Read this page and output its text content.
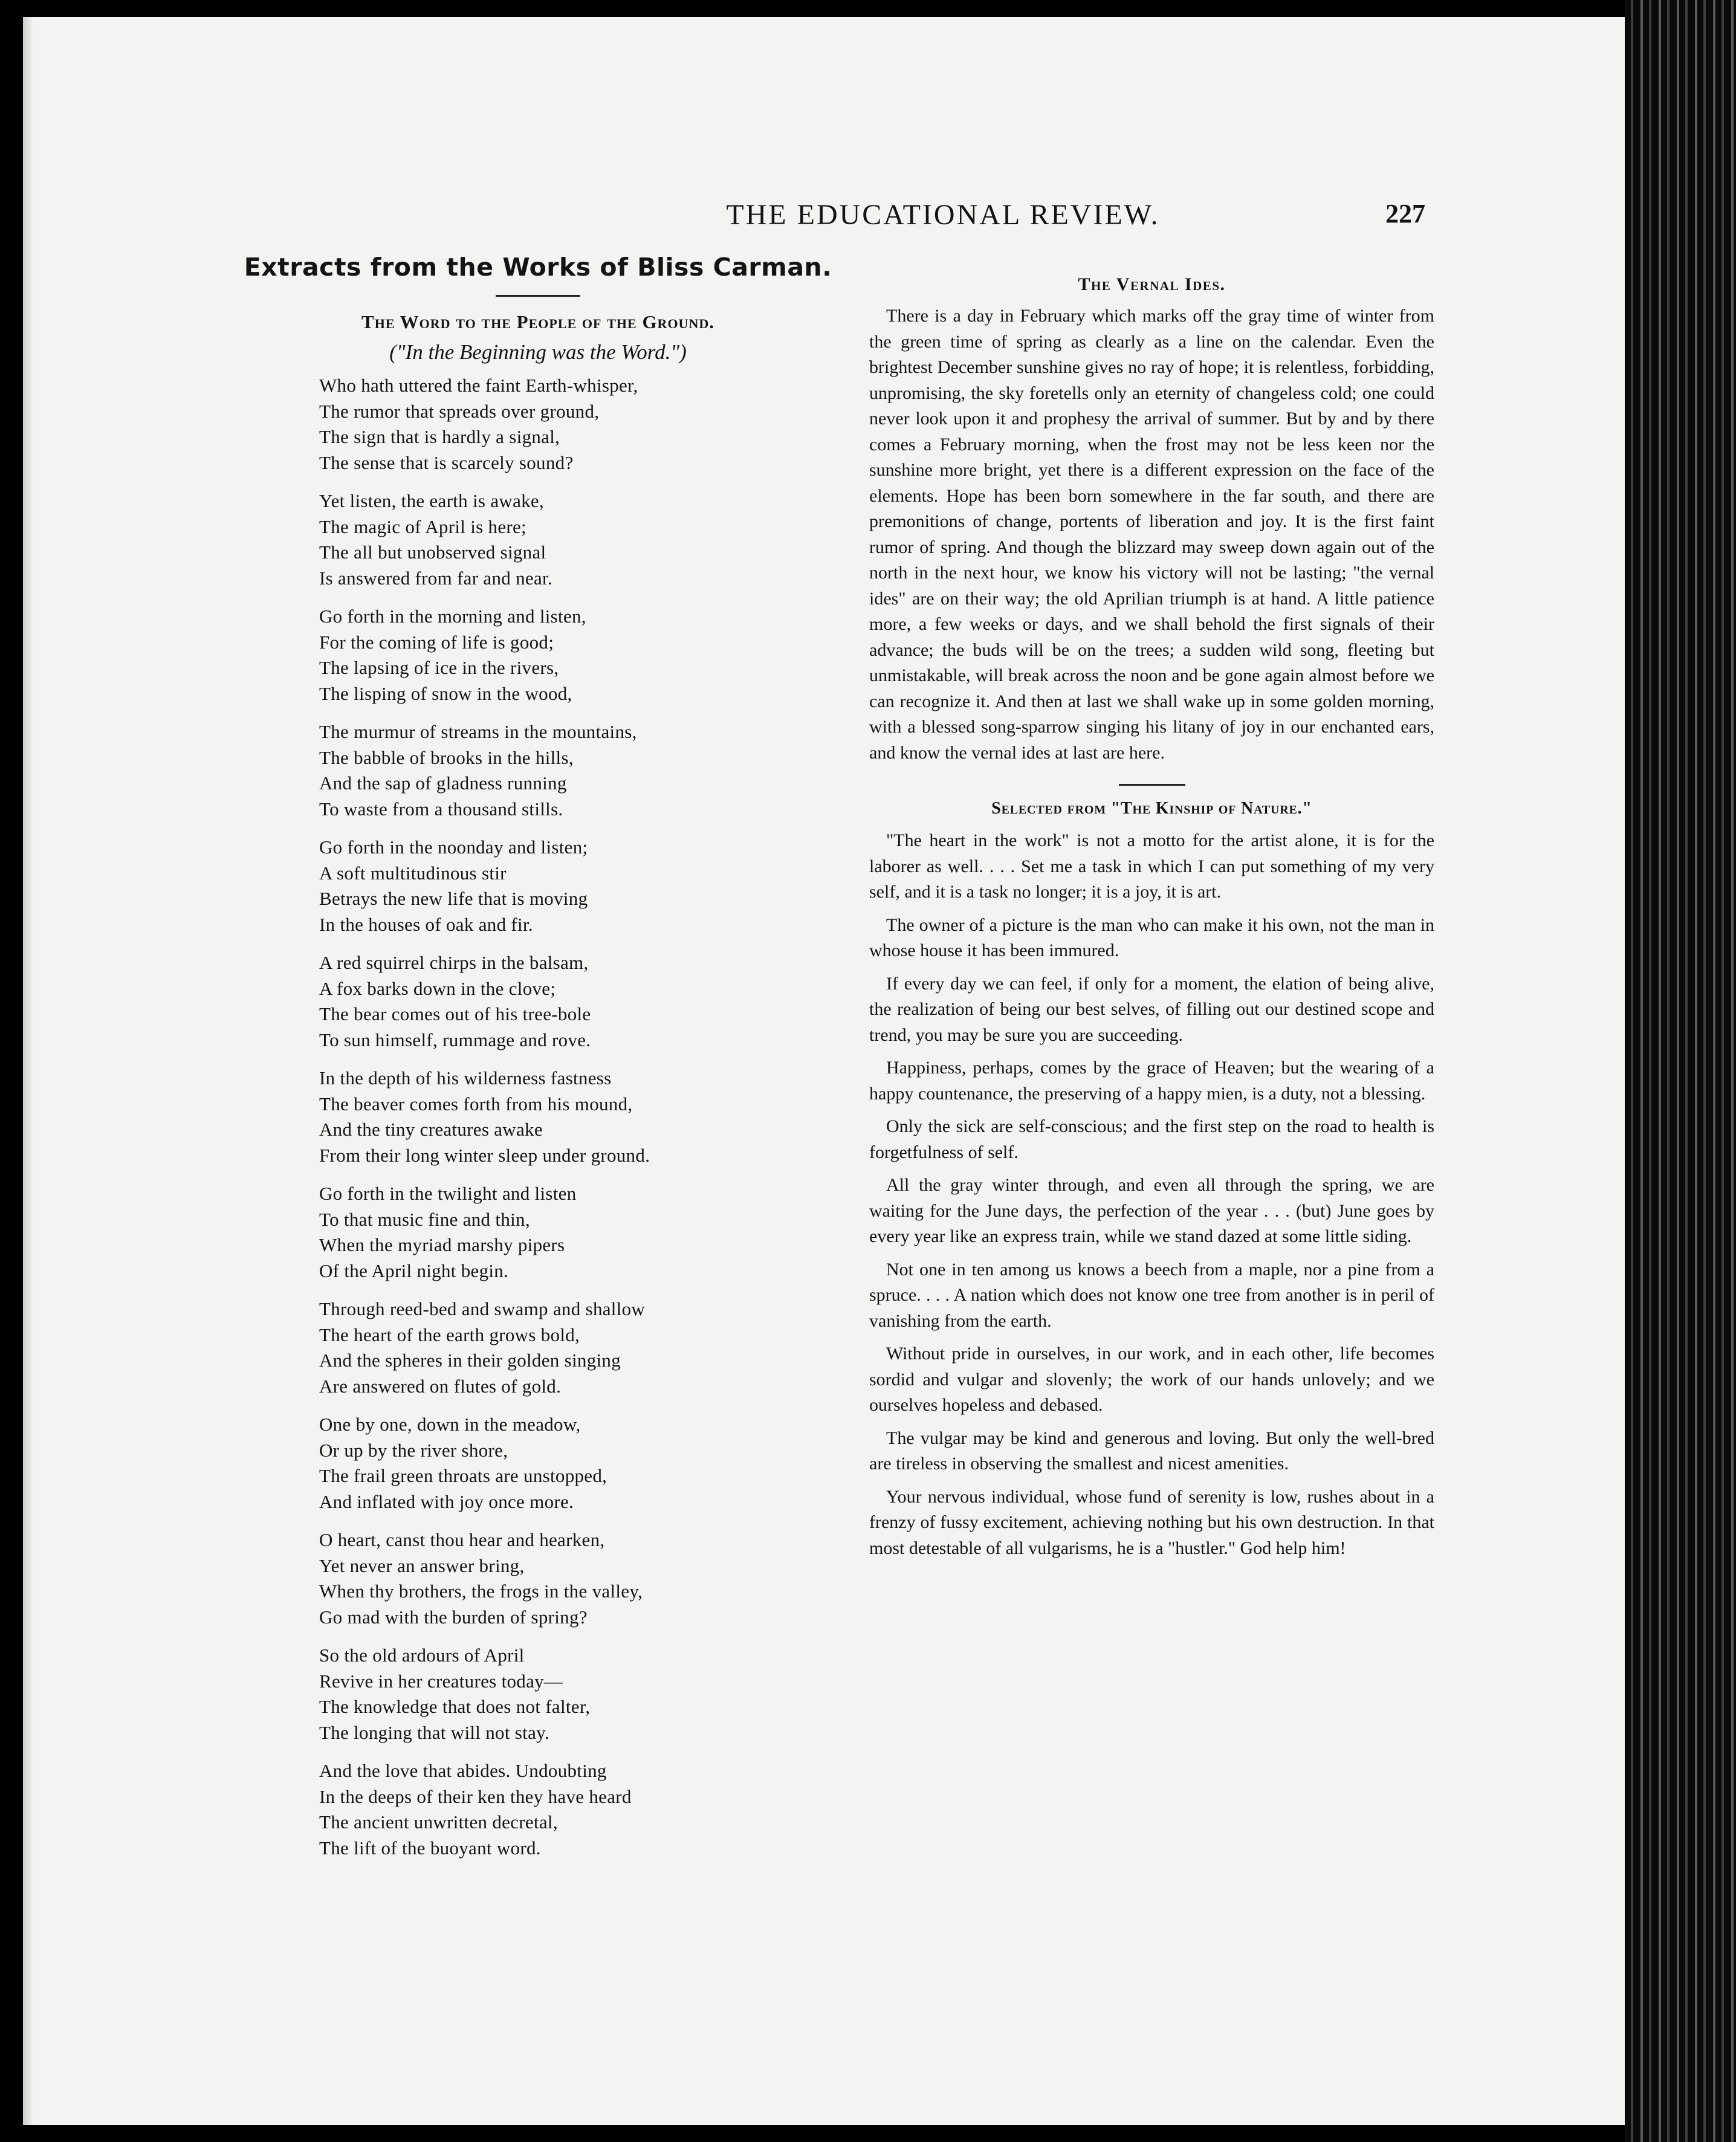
THE EDUCATIONAL REVIEW.	227
Extracts from the Works of Bliss Carman.
The Word to the People of the Ground.
("In the Beginning was the Word.")
Who hath uttered the faint Earth-whisper,
The rumor that spreads over ground,
The sign that is hardly a signal,
The sense that is scarcely sound?
Yet listen, the earth is awake,
The magic of April is here;
The all but unobserved signal
Is answered from far and near.
Go forth in the morning and listen,
For the coming of life is good;
The lapsing of ice in the rivers,
The lisping of snow in the wood,
The murmur of streams in the mountains,
The babble of brooks in the hills,
And the sap of gladness running
To waste from a thousand stills.
Go forth in the noonday and listen;
A soft multitudinous stir
Betrays the new life that is moving
In the houses of oak and fir.
A red squirrel chirps in the balsam,
A fox barks down in the clove;
The bear comes out of his tree-bole
To sun himself, rummage and rove.
In the depth of his wilderness fastness
The beaver comes forth from his mound,
And the tiny creatures awake
From their long winter sleep under ground.
Go forth in the twilight and listen
To that music fine and thin,
When the myriad marshy pipers
Of the April night begin.
Through reed-bed and swamp and shallow
The heart of the earth grows bold,
And the spheres in their golden singing
Are answered on flutes of gold.
One by one, down in the meadow,
Or up by the river shore,
The frail green throats are unstopped,
And inflated with joy once more.
O heart, canst thou hear and hearken,
Yet never an answer bring,
When thy brothers, the frogs in the valley,
Go mad with the burden of spring?
So the old ardours of April
Revive in her creatures today—
The knowledge that does not falter,
The longing that will not stay.
And the love that abides. Undoubting
In the deeps of their ken they have heard
The ancient unwritten decretal,
The lift of the buoyant word.
The Vernal Ides.

There is a day in February which marks off the gray time of winter from the green time of spring as clearly as a line on the calendar. Even the brightest December sunshine gives no ray of hope; it is relentless, forbidding, unpromising, the sky foretells only an eternity of changeless cold; one could never look upon it and prophesy the arrival of summer. But by and by there comes a February morning, when the frost may not be less keen nor the sunshine more bright, yet there is a different expression on the face of the elements. Hope has been born somewhere in the far south, and there are premonitions of change, portents of liberation and joy. It is the first faint rumor of spring. And though the blizzard may sweep down again out of the north in the next hour, we know his victory will not be lasting; "the vernal ides" are on their way; the old Aprilian triumph is at hand. A little patience more, a few weeks or days, and we shall behold the first signals of their advance; the buds will be on the trees; a sudden wild song, fleeting but unmistakable, will break across the noon and be gone again almost before we can recognize it. And then at last we shall wake up in some golden morning, with a blessed song-sparrow singing his litany of joy in our enchanted ears, and know the vernal ides at last are here.

Selected from "The Kinship of Nature."

"The heart in the work" is not a motto for the artist alone, it is for the laborer as well. . . . Set me a task in which I can put something of my very self, and it is a task no longer; it is a joy, it is art.

The owner of a picture is the man who can make it his own, not the man in whose house it has been immured.

If every day we can feel, if only for a moment, the elation of being alive, the realization of being our best selves, of filling out our destined scope and trend, you may be sure you are succeeding.

Happiness, perhaps, comes by the grace of Heaven; but the wearing of a happy countenance, the preserving of a happy mien, is a duty, not a blessing.

Only the sick are self-conscious; and the first step on the road to health is forgetfulness of self.

All the gray winter through, and even all through the spring, we are waiting for the June days, the perfection of the year . . . (but) June goes by every year like an express train, while we stand dazed at some little siding.

Not one in ten among us knows a beech from a maple, nor a pine from a spruce. . . . A nation which does not know one tree from another is in peril of vanishing from the earth.

Without pride in ourselves, in our work, and in each other, life becomes sordid and vulgar and slovenly; the work of our hands unlovely; and we ourselves hopeless and debased.

The vulgar may be kind and generous and loving. But only the well-bred are tireless in observing the smallest and nicest amenities.

Your nervous individual, whose fund of serenity is low, rushes about in a frenzy of fussy excitement, achieving nothing but his own destruction. In that most detestable of all vulgarisms, he is a "hustler." God help him!
